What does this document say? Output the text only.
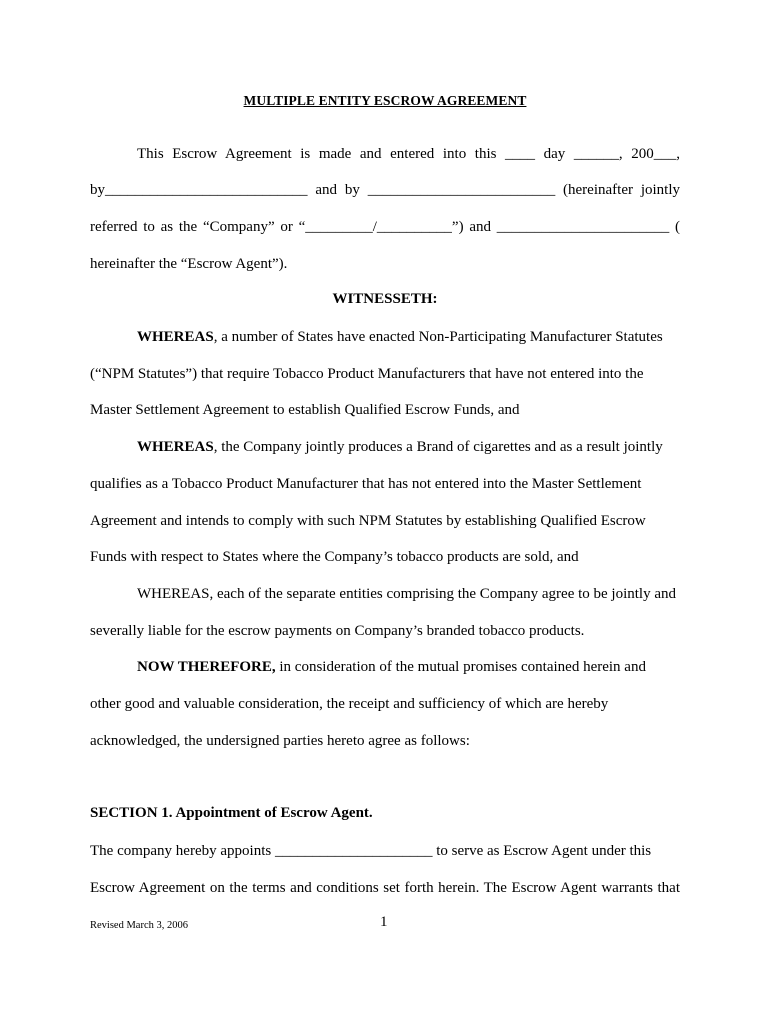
MULTIPLE ENTITY ESCROW AGREEMENT

This Escrow Agreement is made and entered into this ____ day ______, 200___,

by___________________________ and by _________________________ (hereinafter jointly

referred to as the “Company” or “_________/__________”) and _______________________ (

hereinafter the “Escrow Agent”).

WITNESSETH:

WHEREAS, a number of States have enacted Non-Participating Manufacturer Statutes

(“NPM Statutes”) that require Tobacco Product Manufacturers that have not entered into the

Master Settlement Agreement to establish Qualified Escrow Funds, and

WHEREAS, the Company jointly produces a Brand of cigarettes and as a result jointly

qualifies as a Tobacco Product Manufacturer that has not entered into the Master Settlement

Agreement and intends to comply with such NPM Statutes by establishing Qualified Escrow

Funds with respect to States where the Company’s tobacco products are sold, and

WHEREAS, each of the separate entities comprising the Company agree to be jointly and

severally liable for the escrow payments on Company’s branded tobacco products.

NOW THEREFORE, in consideration of the mutual promises contained herein and

other good and valuable consideration, the receipt and sufficiency of which are hereby

acknowledged, the undersigned parties hereto agree as follows:

SECTION 1. Appointment of Escrow Agent.

The company hereby appoints _____________________ to serve as Escrow Agent under this

Escrow Agreement on the terms and conditions set forth herein. The Escrow Agent warrants that

Revised March 3, 2006	1
